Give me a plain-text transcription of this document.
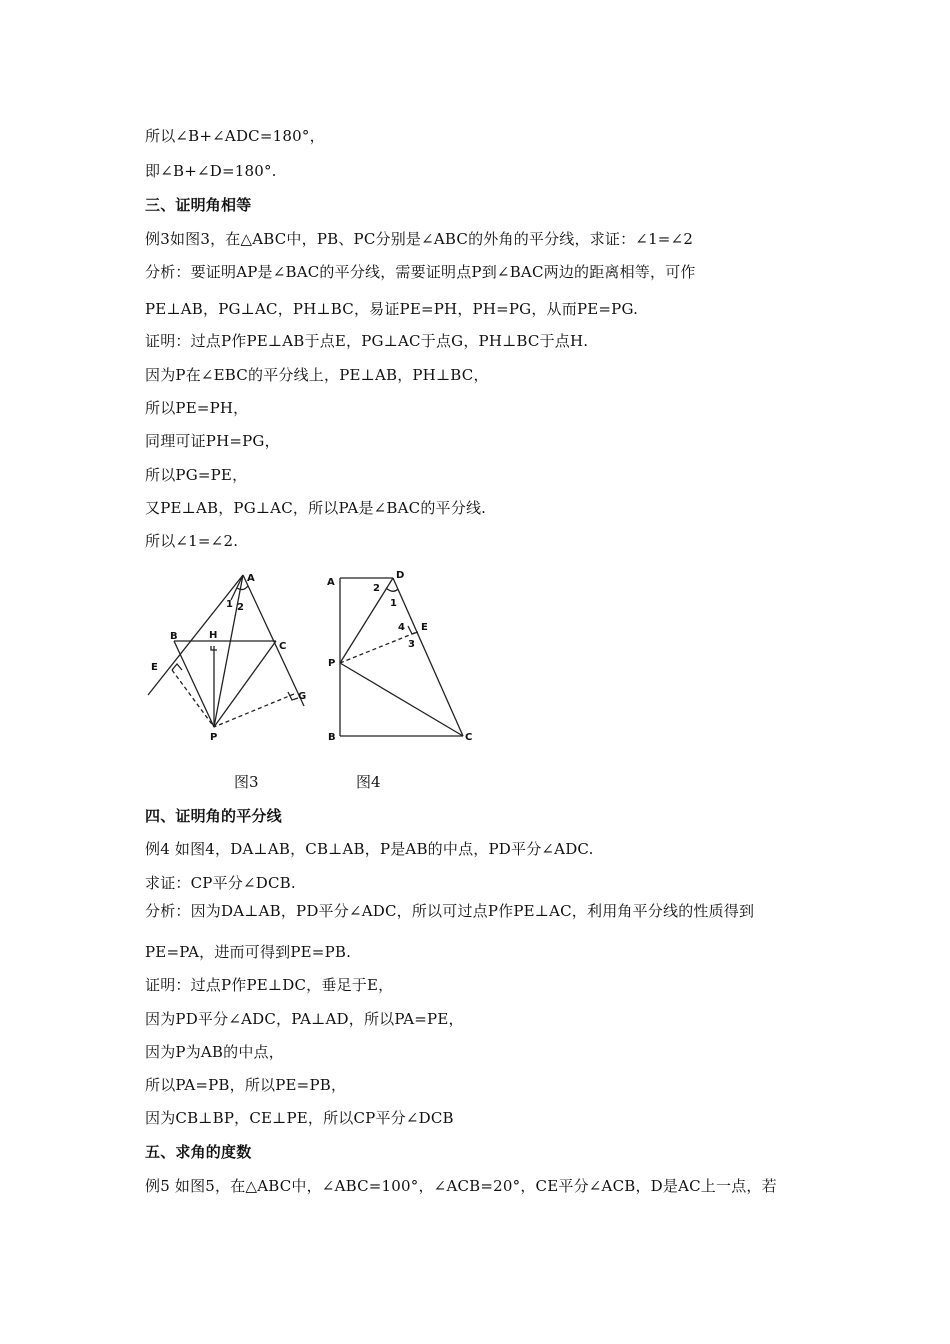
所以∠B+∠ADC=180°，
即∠B+∠D=180°.
三、证明角相等
例3如图3，在△ABC中，PB、PC分别是∠ABC的外角的平分线，求证：∠1=∠2
分析：要证明AP是∠BAC的平分线，需要证明点P到∠BAC两边的距离相等，可作
PE⊥AB，PG⊥AC，PH⊥BC，易证PE=PH，PH=PG，从而PE=PG.
证明：过点P作PE⊥AB于点E，PG⊥AC于点G，PH⊥BC于点H.
因为P在∠EBC的平分线上，PE⊥AB，PH⊥BC，
所以PE=PH，
同理可证PH=PG，
所以PG=PE，
又PE⊥AB，PG⊥AC，所以PA是∠BAC的平分线.
所以∠1=∠2.
A
1 2
B	H
C
E
G
P
A
D
2
1
4 E
3
P
B	C
图3	图4
四、证明角的平分线
例4 如图4，DA⊥AB，CB⊥AB，P是AB的中点，PD平分∠ADC.
求证：CP平分∠DCB.
分析：因为DA⊥AB，PD平分∠ADC，所以可过点P作PE⊥AC，利用角平分线的性质得到
PE=PA，进而可得到PE=PB.
证明：过点P作PE⊥DC，垂足于E，
因为PD平分∠ADC，PA⊥AD，所以PA=PE，
因为P为AB的中点，
所以PA=PB，所以PE=PB，
因为CB⊥BP，CE⊥PE，所以CP平分∠DCB
五、求角的度数
例5 如图5，在△ABC中，∠ABC=100°，∠ACB=20°，CE平分∠ACB，D是AC上一点，若
